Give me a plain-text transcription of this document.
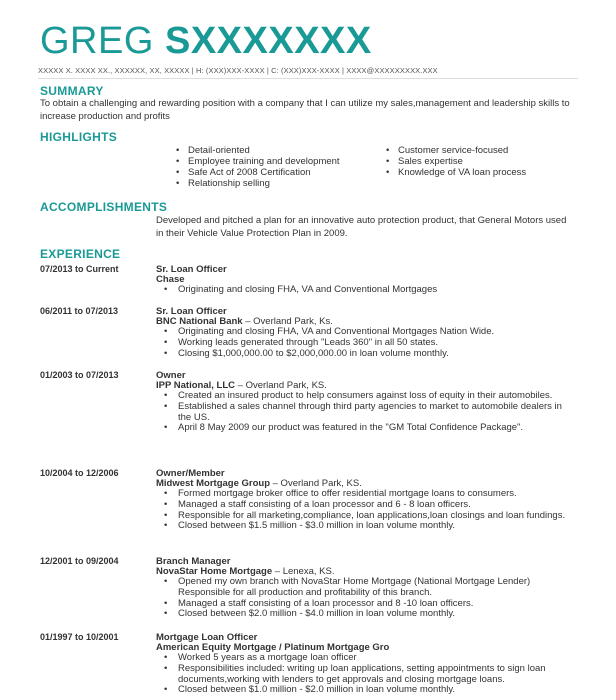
GREG SXXXXXXX
XXXXX X. XXXX XX., XXXXXX, XX, XXXXX | H: (XXX)XXX-XXXX | C: (XXX)XXX-XXXX | XXXX@XXXXXXXXX.XXX
SUMMARY
To obtain a challenging and rewarding position with a company that I can utilize my sales,management and leadership skills to increase production and profits
HIGHLIGHTS
• Detail-oriented
• Employee training and development
• Safe Act of 2008 Certification
• Relationship selling
• Customer service-focused
• Sales expertise
• Knowledge of VA loan process
ACCOMPLISHMENTS
Developed and pitched a plan for an innovative auto protection product, that General Motors used in their Vehicle Value Protection Plan in 2009.
EXPERIENCE
07/2013 to Current	Sr. Loan Officer
Chase
• Originating and closing FHA, VA and Conventional Mortgages
06/2011 to 07/2013	Sr. Loan Officer
BNC National Bank – Overland Park, Ks.
• Originating and closing FHA, VA and Conventional Mortgages Nation Wide.
• Working leads generated through "Leads 360" in all 50 states.
• Closing $1,000,000.00 to $2,000,000.00 in loan volume monthly.
01/2003 to 07/2013	Owner
IPP National, LLC – Overland Park, KS.
• Created an insured product to help consumers against loss of equity in their automobiles.
• Established a sales channel through third party agencies to market to automobile dealers in the US.
• April 8 May 2009 our product was featured in the "GM Total Confidence Package".
10/2004 to 12/2006	Owner/Member
Midwest Mortgage Group – Overland Park, KS.
• Formed mortgage broker office to offer residential mortgage loans to consumers.
• Managed a staff consisting of a loan processor and 6 - 8 loan officers.
• Responsible for all marketing,compliance, loan applications,loan closings and loan fundings.
• Closed between $1.5 million - $3.0 million in loan volume monthly.
12/2001 to 09/2004	Branch Manager
NovaStar Home Mortgage – Lenexa, KS.
• Opened my own branch with NovaStar Home Mortgage (National Mortgage Lender) Responsible for all production and profitability of this branch.
• Managed a staff consisting of a loan processor and 8 -10 loan officers.
• Closed between $2.0 million - $4.0 million in loan volume monthly.
01/1997 to 10/2001	Mortgage Loan Officer
American Equity Mortgage / Platinum Mortgage Gro
• Worked 5 years as a mortgage loan officer
• Responsibilities included: writing up loan applications, setting appointments to sign loan documents,working with lenders to get approvals and closing mortgage loans.
• Closed between $1.0 million - $2.0 million in loan volume monthly.
